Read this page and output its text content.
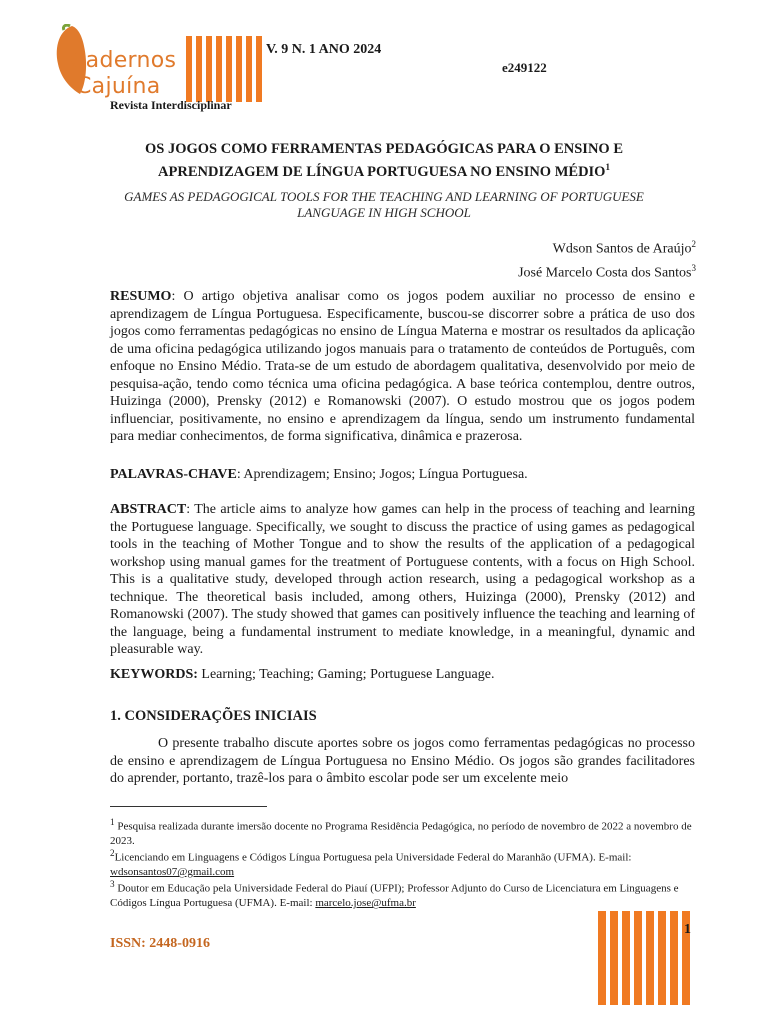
Cadernos
Cajuína
Revista Interdisciplinar
V. 9 N. 1 ANO 2024
e249122
OS JOGOS COMO FERRAMENTAS PEDAGÓGICAS PARA O ENSINO E APRENDIZAGEM DE LÍNGUA PORTUGUESA NO ENSINO MÉDIO$^1$
GAMES AS PEDAGOGICAL TOOLS FOR THE TEACHING AND LEARNING OF PORTUGUESE LANGUAGE IN HIGH SCHOOL
Wdson Santos de Araújo$^2$
José Marcelo Costa dos Santos$^3$
RESUMO: O artigo objetiva analisar como os jogos podem auxiliar no processo de ensino e aprendizagem de Língua Portuguesa. Especificamente, buscou-se discorrer sobre a prática de uso dos jogos como ferramentas pedagógicas no ensino de Língua Materna e mostrar os resultados da aplicação de uma oficina pedagógica utilizando jogos manuais para o tratamento de conteúdos de Português, com enfoque no Ensino Médio. Trata-se de um estudo de abordagem qualitativa, desenvolvido por meio de pesquisa-ação, tendo como técnica uma oficina pedagógica. A base teórica contemplou, dentre outros, Huizinga (2000), Prensky (2012) e Romanowski (2007). O estudo mostrou que os jogos podem influenciar, positivamente, no ensino e aprendizagem da língua, sendo um instrumento fundamental para mediar conhecimentos, de forma significativa, dinâmica e prazerosa.
PALAVRAS-CHAVE: Aprendizagem; Ensino; Jogos; Língua Portuguesa.
ABSTRACT: The article aims to analyze how games can help in the process of teaching and learning the Portuguese language. Specifically, we sought to discuss the practice of using games as pedagogical tools in the teaching of Mother Tongue and to show the results of the application of a pedagogical workshop using manual games for the treatment of Portuguese contents, with a focus on High School. This is a qualitative study, developed through action research, using a pedagogical workshop as a technique. The theoretical basis included, among others, Huizinga (2000), Prensky (2012) and Romanowski (2007). The study showed that games can positively influence the teaching and learning of the language, being a fundamental instrument to mediate knowledge, in a meaningful, dynamic and pleasurable way.
KEYWORDS: Learning; Teaching; Gaming; Portuguese Language.
1. CONSIDERAÇÕES INICIAIS
O presente trabalho discute aportes sobre os jogos como ferramentas pedagógicas no processo de ensino e aprendizagem de Língua Portuguesa no Ensino Médio. Os jogos são grandes facilitadores do aprender, portanto, trazê-los para o âmbito escolar pode ser um excelente meio
$^1$ Pesquisa realizada durante imersão docente no Programa Residência Pedagógica, no período de novembro de 2022 a novembro de 2023.
$^2$Licenciando em Linguagens e Códigos Língua Portuguesa pela Universidade Federal do Maranhão (UFMA). E-mail: wdsonsantos07@gmail.com
$^3$ Doutor em Educação pela Universidade Federal do Piauí (UFPI); Professor Adjunto do Curso de Licenciatura em Linguagens e Códigos Língua Portuguesa (UFMA). E-mail: marcelo.jose@ufma.br
ISSN: 2448-0916
1
